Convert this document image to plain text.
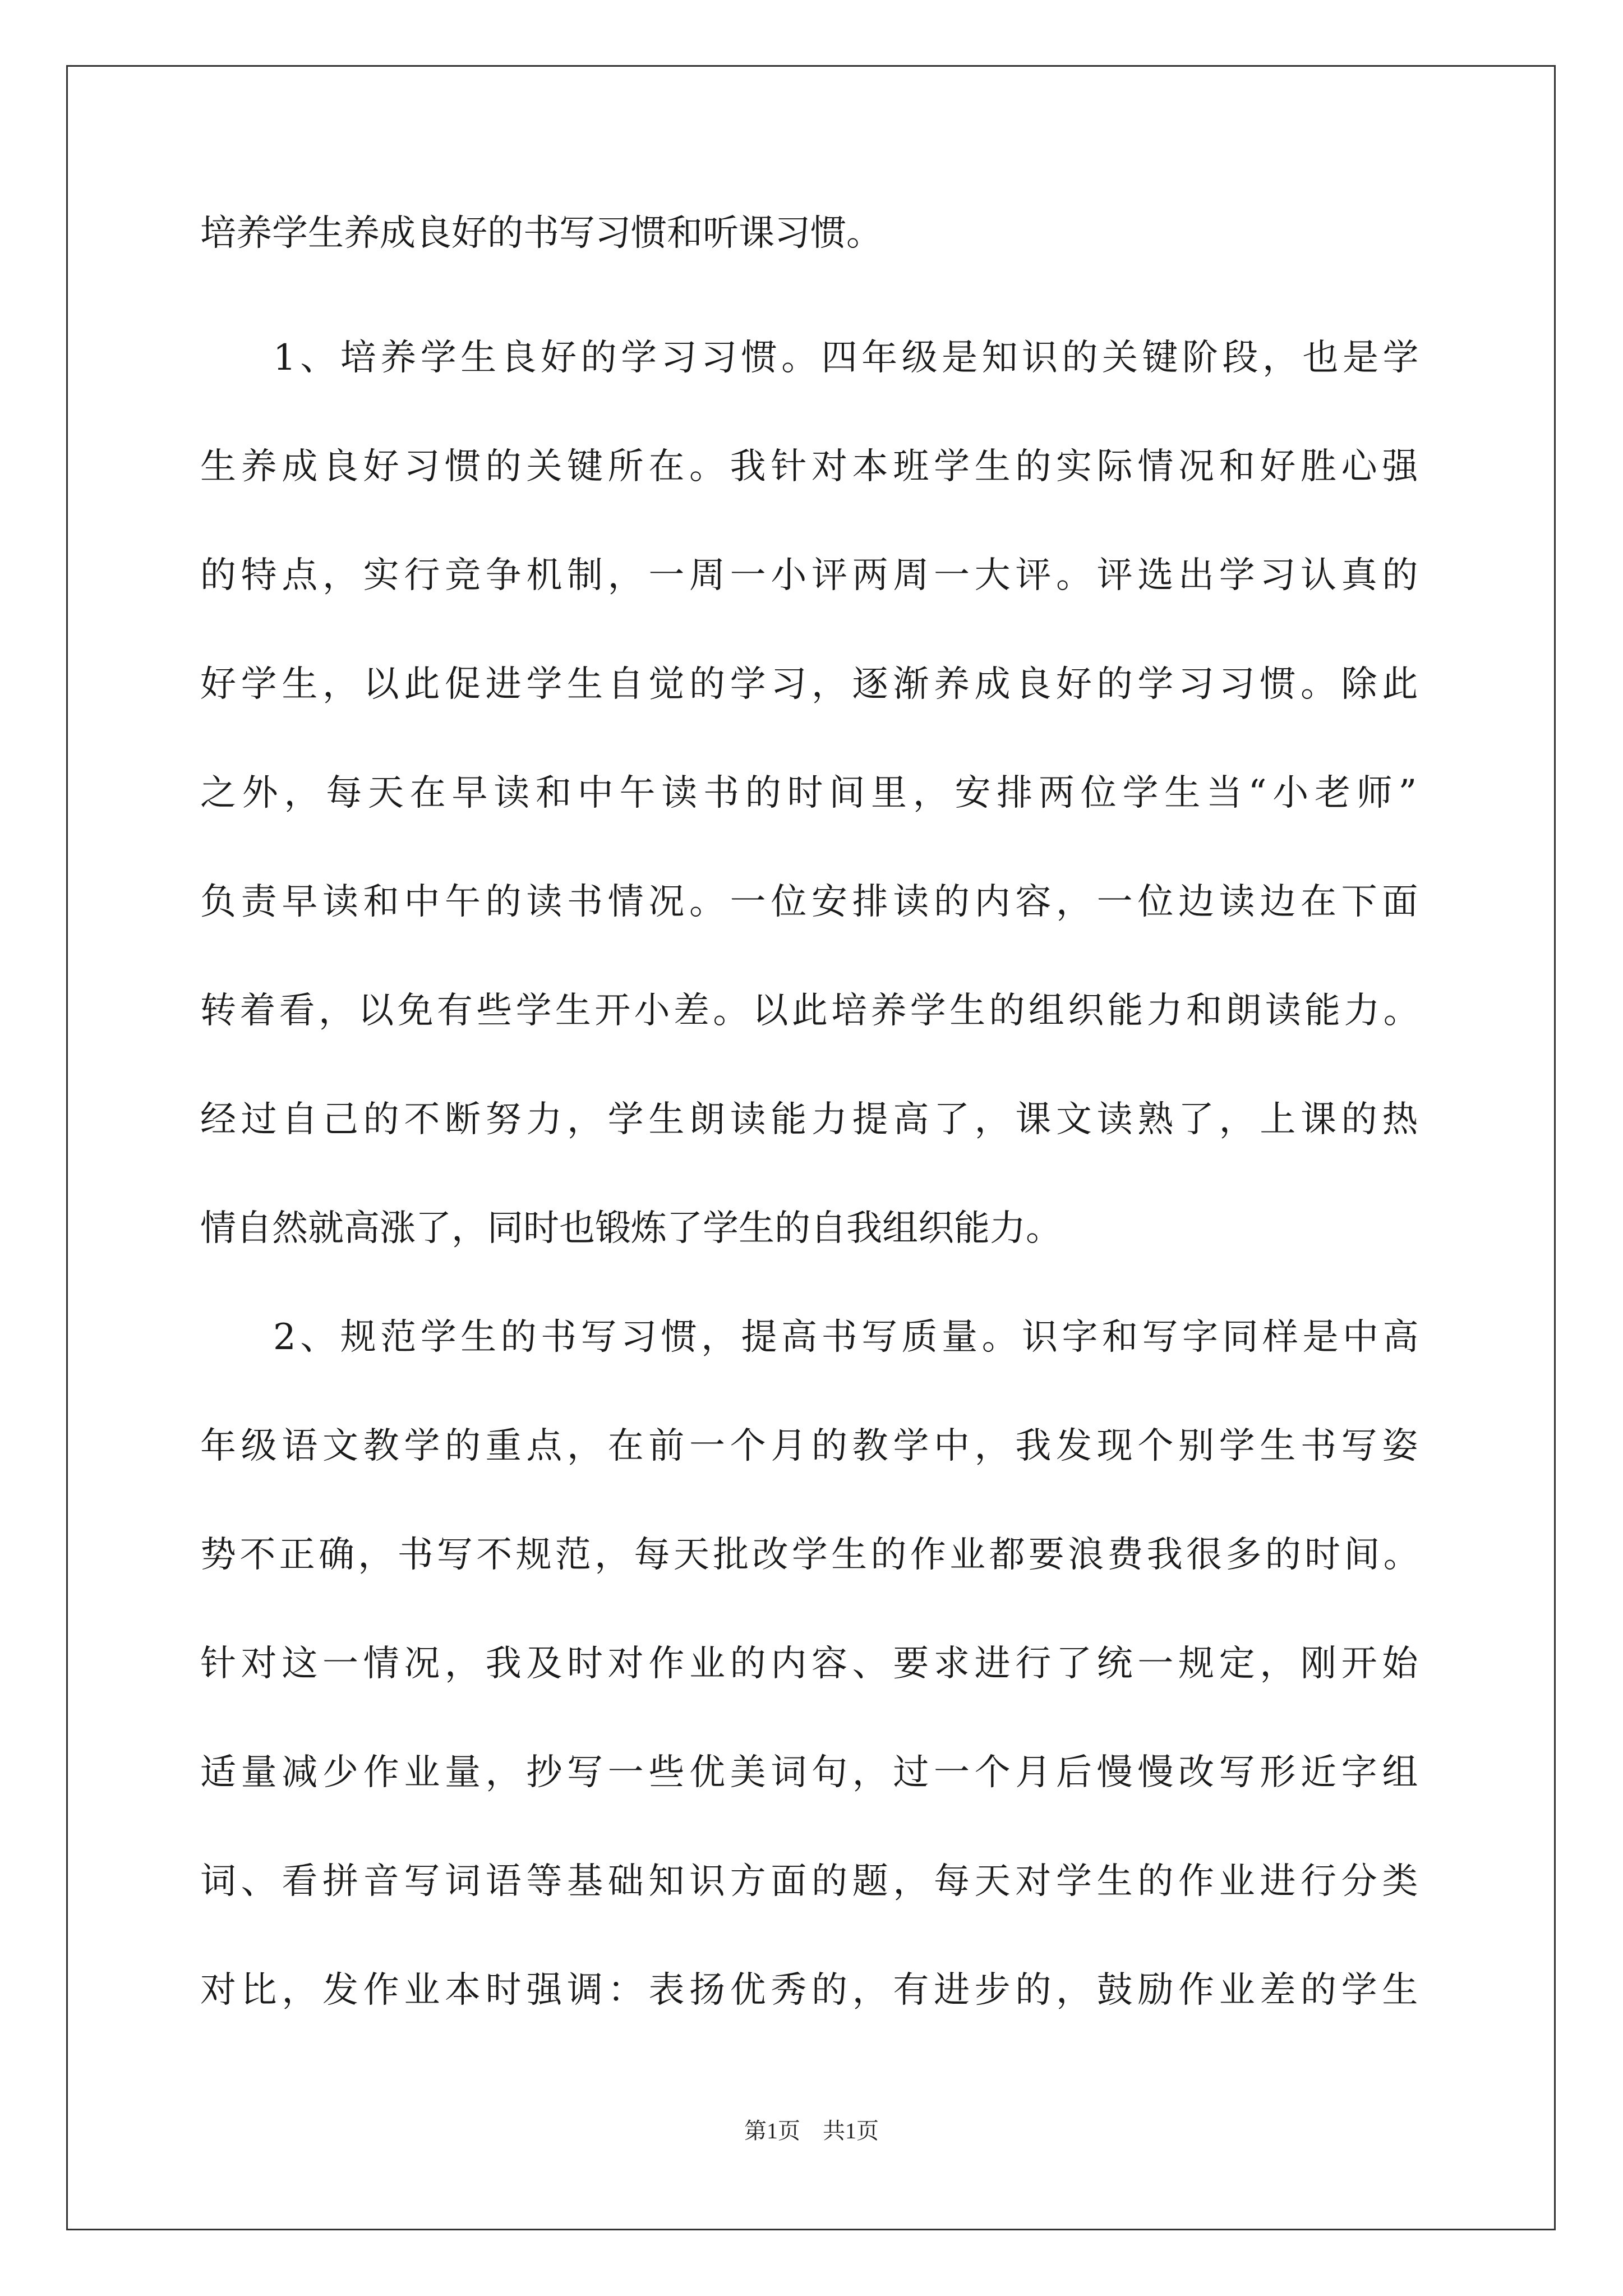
培养学生养成良好的书写习惯和听课习惯。
1、培养学生良好的学习习惯。四年级是知识的关键阶段，也是学
生养成良好习惯的关键所在。我针对本班学生的实际情况和好胜心强
的特点，实行竞争机制，一周一小评两周一大评。评选出学习认真的
好学生，以此促进学生自觉的学习，逐渐养成良好的学习习惯。除此
之外，每天在早读和中午读书的时间里，安排两位学生当“小老师”
负责早读和中午的读书情况。一位安排读的内容，一位边读边在下面
转着看，以免有些学生开小差。以此培养学生的组织能力和朗读能力。
经过自己的不断努力，学生朗读能力提高了，课文读熟了，上课的热
情自然就高涨了，同时也锻炼了学生的自我组织能力。
2、规范学生的书写习惯，提高书写质量。识字和写字同样是中高
年级语文教学的重点，在前一个月的教学中，我发现个别学生书写姿
势不正确，书写不规范，每天批改学生的作业都要浪费我很多的时间。
针对这一情况，我及时对作业的内容、要求进行了统一规定，刚开始
适量减少作业量，抄写一些优美词句，过一个月后慢慢改写形近字组
词、看拼音写词语等基础知识方面的题，每天对学生的作业进行分类
对比，发作业本时强调：表扬优秀的，有进步的，鼓励作业差的学生
第1页 共1页
